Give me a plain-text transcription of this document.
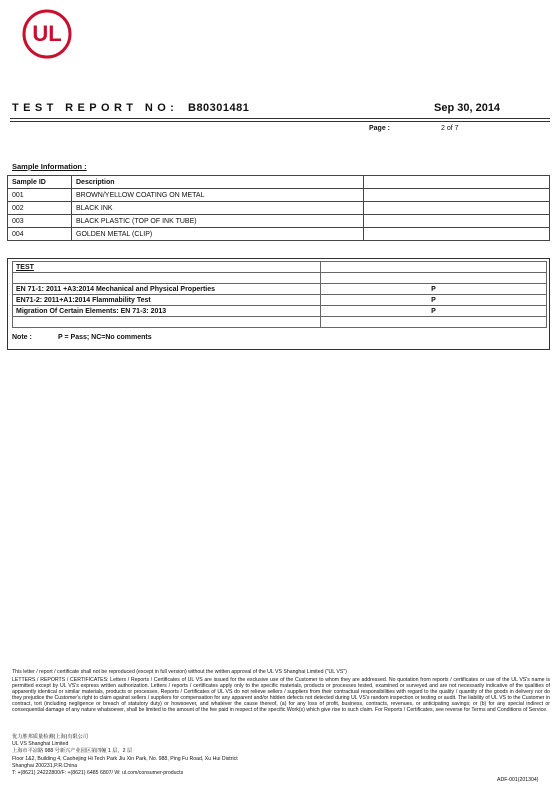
UL
TEST REPORT NO: B80301481	Sep 30, 2014
Page :	2 of 7
Sample Information :
Sample ID	Description	
001	BROWN/YELLOW COATING ON METAL	
002	BLACK INK	
003	BLACK PLASTIC (TOP OF INK TUBE)	
004	GOLDEN METAL (CLIP)	
TEST	

EN 71-1: 2011 +A3:2014 Mechanical and Physical Properties	P
EN71-2: 2011+A1:2014 Flammability Test	P
Migration Of Certain Elements: EN 71-3: 2013	P

Note :	P = Pass; NC=No comments
This letter / report / certificate shall not be reproduced (except in full version) without the written approval of the UL VS Shanghai Limited ("UL VS")
LETTERS / REPORTS / CERTIFICATES: Letters / Reports / Certificates of UL VS are issued for the exclusive use of the Customer to whom they are addressed. No quotation from reports / certificates or use of the UL VS's name is permitted except by UL VS's express written authorization. Letters / reports / certificates apply only to the specific materials, products or processes tested, examined or surveyed and are not necessarily indicative of the qualities of apparently identical or similar materials, products or processes. Reports / Certificates of UL VS do not relieve sellers / suppliers from their contractual responsibilities with regard to the quality / quantity of the goods in delivery nor do they prejudice the Customer's right to claim against sellers / suppliers for compensation for any apparent and/or hidden defects not detected during UL VS's random inspection or testing or audit. The liability of UL VS to the Customer in contract, tort (including negligence or breach of statutory duty) or howsoever, and whatever the cause thereof, (a) for any loss of profit, business, contracts, revenues, or anticipating savings; or (b) for any special indirect or consequential damage of any nature whatsoever, shall be limited to the amount of the fee paid in respect of the specific Work(s) which give rise to such claim. For Reports / Certificates, see reverse for Terms and Conditions of Service.
优力胜邦质量检测(上海)有限公司
UL VS Shanghai Limited
上海市平凉路 988 号新兴产业园区第四幢 1 层、2 层
Floor 1&2, Building 4, Caohejing Hi Tech Park Jiu Xin Park, No. 988, Ping Fu Road, Xu Hui District
Shanghai 200231,P.R.China
T: +(8621) 24222800/F: +(8621) 6485 6807/ W: ul.com/consumer-products
ADF-001(201304)
